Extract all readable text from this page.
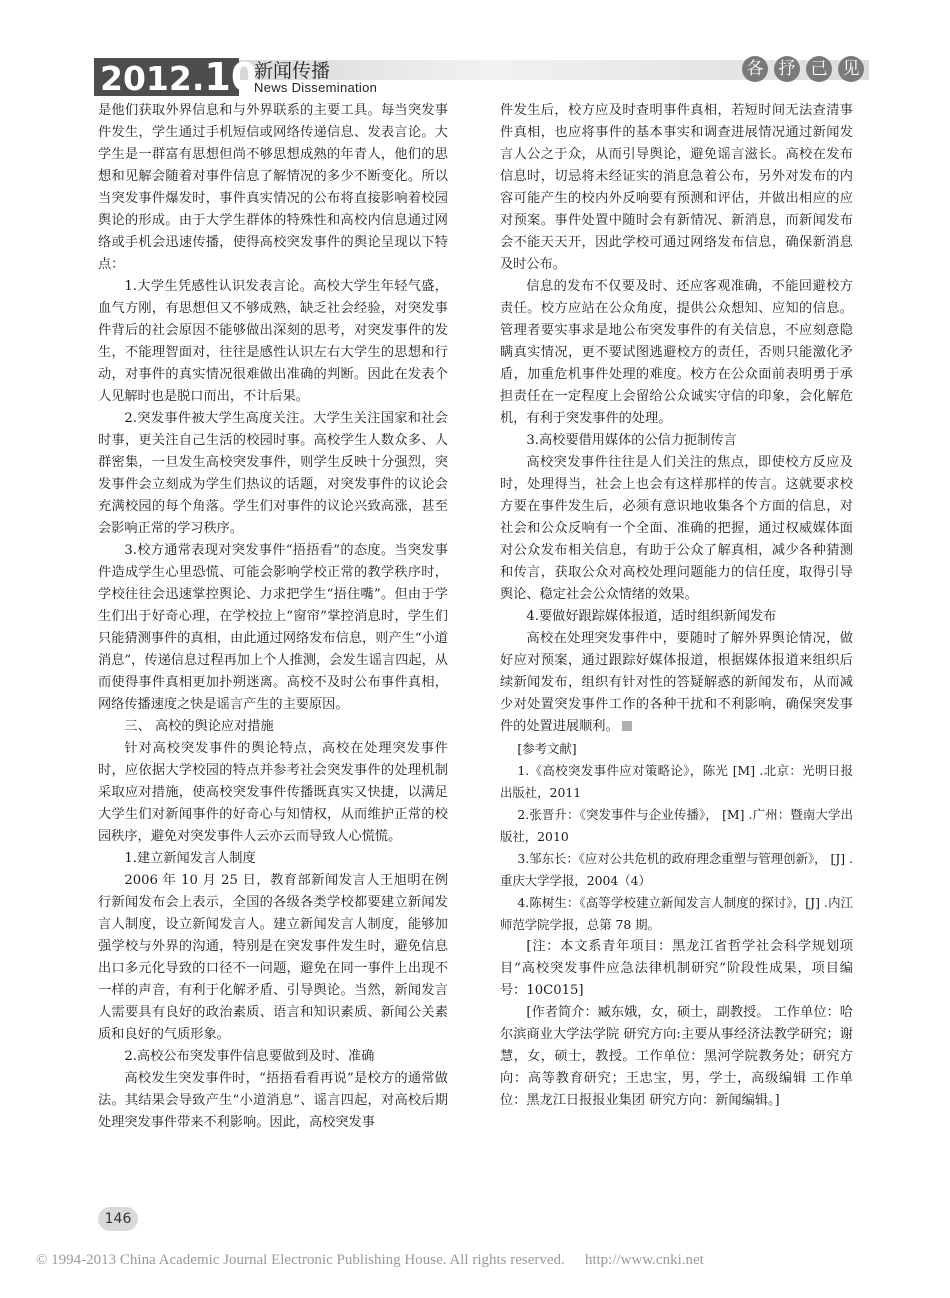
2012.10
新闻传播
News Dissemination
各 抒 己 见

是他们获取外界信息和与外界联系的主要工具。每当突发事件发生，学生通过手机短信或网络传递信息、发表言论。大学生是一群富有思想但尚不够思想成熟的年青人，他们的思想和见解会随着对事件信息了解情况的多少不断变化。所以当突发事件爆发时，事件真实情况的公布将直接影响着校园舆论的形成。由于大学生群体的特殊性和高校内信息通过网络或手机会迅速传播，使得高校突发事件的舆论呈现以下特点：

1.大学生凭感性认识发表言论。高校大学生年轻气盛，血气方刚，有思想但又不够成熟，缺乏社会经验，对突发事件背后的社会原因不能够做出深刻的思考，对突发事件的发生，不能理智面对，往往是感性认识左右大学生的思想和行动，对事件的真实情况很难做出准确的判断。因此在发表个人见解时也是脱口而出，不计后果。

2.突发事件被大学生高度关注。大学生关注国家和社会时事，更关注自己生活的校园时事。高校学生人数众多、人群密集，一旦发生高校突发事件，则学生反映十分强烈，突发事件会立刻成为学生们热议的话题，对突发事件的议论会充满校园的每个角落。学生们对事件的议论兴致高涨，甚至会影响正常的学习秩序。

3.校方通常表现对突发事件“捂捂看”的态度。当突发事件造成学生心里恐慌、可能会影响学校正常的教学秩序时，学校往往会迅速掌控舆论、力求把学生“捂住嘴”。但由于学生们出于好奇心理，在学校拉上“窗帘”掌控消息时，学生们只能猜测事件的真相，由此通过网络发布信息，则产生“小道消息”，传递信息过程再加上个人推测，会发生谣言四起，从而使得事件真相更加扑朔迷离。高校不及时公布事件真相，网络传播速度之快是谣言产生的主要原因。

三、 高校的舆论应对措施

针对高校突发事件的舆论特点，高校在处理突发事件时，应依据大学校园的特点并参考社会突发事件的处理机制采取应对措施，使高校突发事件传播既真实又快捷，以满足大学生们对新闻事件的好奇心与知情权，从而维护正常的校园秩序，避免对突发事件人云亦云而导致人心慌慌。

1.建立新闻发言人制度

2006 年 10 月 25 日，教育部新闻发言人王旭明在例行新闻发布会上表示，全国的各级各类学校都要建立新闻发言人制度，设立新闻发言人。建立新闻发言人制度，能够加强学校与外界的沟通，特别是在突发事件发生时，避免信息出口多元化导致的口径不一问题，避免在同一事件上出现不一样的声音，有利于化解矛盾、引导舆论。当然，新闻发言人需要具有良好的政治素质、语言和知识素质、新闻公关素质和良好的气质形象。

2.高校公布突发事件信息要做到及时、准确

高校发生突发事件时，“捂捂看看再说”是校方的通常做法。其结果会导致产生“小道消息”、谣言四起，对高校后期处理突发事件带来不利影响。因此，高校突发事

件发生后，校方应及时查明事件真相，若短时间无法查清事件真相，也应将事件的基本事实和调查进展情况通过新闻发言人公之于众，从而引导舆论，避免谣言滋长。高校在发布信息时，切忌将未经证实的消息急着公布，另外对发布的内容可能产生的校内外反响要有预测和评估，并做出相应的应对预案。事件处置中随时会有新情况、新消息，而新闻发布会不能天天开，因此学校可通过网络发布信息，确保新消息及时公布。

信息的发布不仅要及时、还应客观准确，不能回避校方责任。校方应站在公众角度，提供公众想知、应知的信息。管理者要实事求是地公布突发事件的有关信息，不应刻意隐瞒真实情况，更不要试图逃避校方的责任，否则只能激化矛盾，加重危机事件处理的难度。校方在公众面前表明勇于承担责任在一定程度上会留给公众诚实守信的印象，会化解危机，有利于突发事件的处理。

3.高校要借用媒体的公信力扼制传言

高校突发事件往往是人们关注的焦点，即使校方反应及时，处理得当，社会上也会有这样那样的传言。这就要求校方要在事件发生后，必须有意识地收集各个方面的信息，对社会和公众反响有一个全面、准确的把握，通过权威媒体面对公众发布相关信息，有助于公众了解真相，减少各种猜测和传言，获取公众对高校处理问题能力的信任度，取得引导舆论、稳定社会公众情绪的效果。

4.要做好跟踪媒体报道，适时组织新闻发布

高校在处理突发事件中，要随时了解外界舆论情况，做好应对预案，通过跟踪好媒体报道，根据媒体报道来组织后续新闻发布，组织有针对性的答疑解惑的新闻发布，从而减少对处置突发事件工作的各种干扰和不利影响，确保突发事件的处置进展顺利。

[参考文献]

1.《高校突发事件应对策略论》，陈光 [M] .北京：光明日报出版社，2011

2.张晋升：《突发事件与企业传播》， [M] .广州：暨南大学出版社，2010

3.邹东长：《应对公共危机的政府理念重塑与管理创新》， [J] .重庆大学学报，2004（4）

4.陈树生：《高等学校建立新闻发言人制度的探讨》，[J] .内江师范学院学报，总第 78 期。

[注：本文系青年项目：黑龙江省哲学社会科学规划项目“高校突发事件应急法律机制研究”阶段性成果，项目编号：10C015]

[作者简介：臧东娥，女，硕士，副教授。 工作单位：哈尔滨商业大学法学院 研究方向:主要从事经济法教学研究；谢 慧，女，硕士，教授。工作单位：黑河学院教务处；研究方向：高等教育研究；王忠宝，男，学士，高级编辑 工作单位：黑龙江日报报业集团 研究方向：新闻编辑。]

146
© 1994-2013 China Academic Journal Electronic Publishing House. All rights reserved. http://www.cnki.net
